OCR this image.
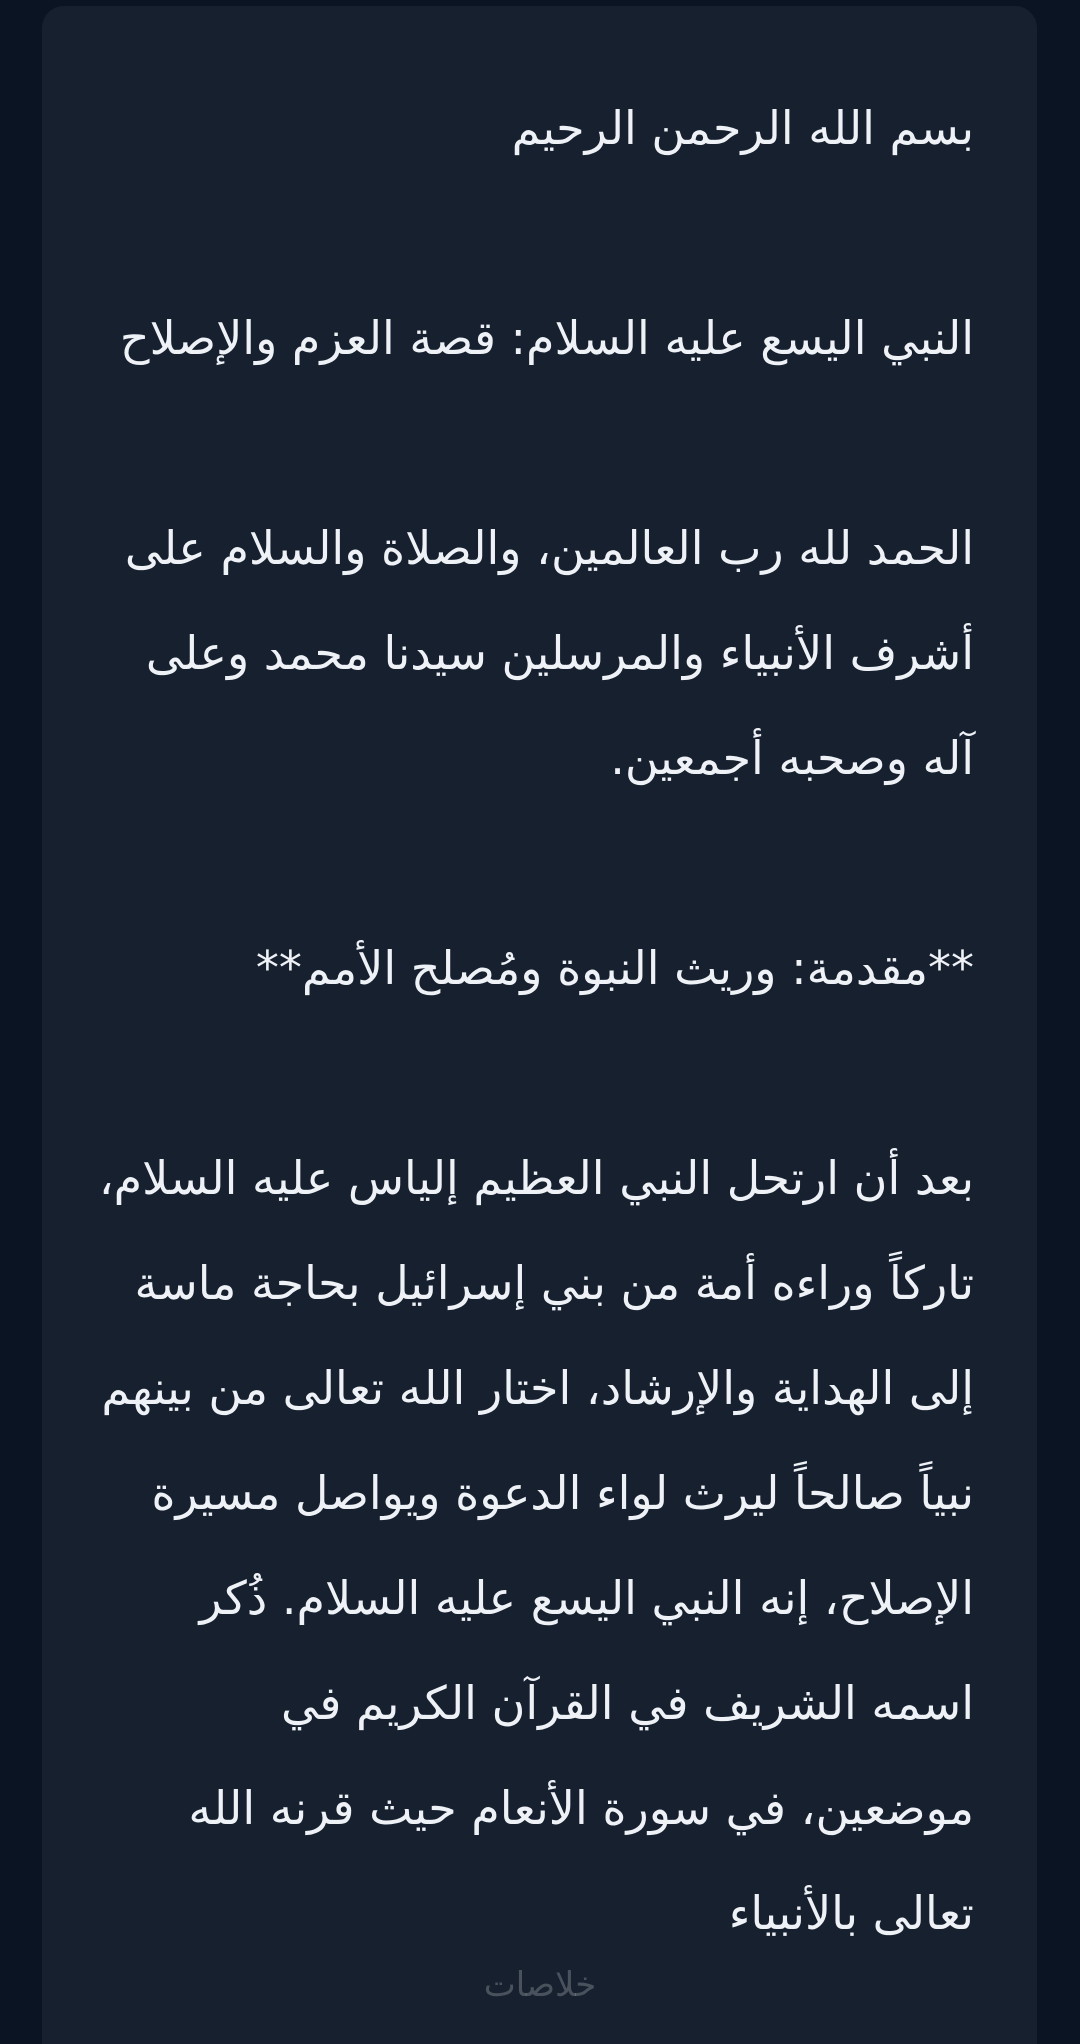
بسم الله الرحمن الرحيم

النبي اليسع عليه السلام: قصة العزم والإصلاح

الحمد لله رب العالمين، والصلاة والسلام على أشرف الأنبياء والمرسلين سيدنا محمد وعلى آله وصحبه أجمعين.

**مقدمة: وريث النبوة ومُصلح الأمم**

بعد أن ارتحل النبي العظيم إلياس عليه السلام، تاركاً وراءه أمة من بني إسرائيل بحاجة ماسة إلى الهداية والإرشاد، اختار الله تعالى من بينهم نبياً صالحاً ليرث لواء الدعوة ويواصل مسيرة الإصلاح، إنه النبي اليسع عليه السلام. ذُكر اسمه الشريف في القرآن الكريم في موضعين، في سورة الأنعام حيث قرنه الله تعالى بالأنبياء

خلاصات
